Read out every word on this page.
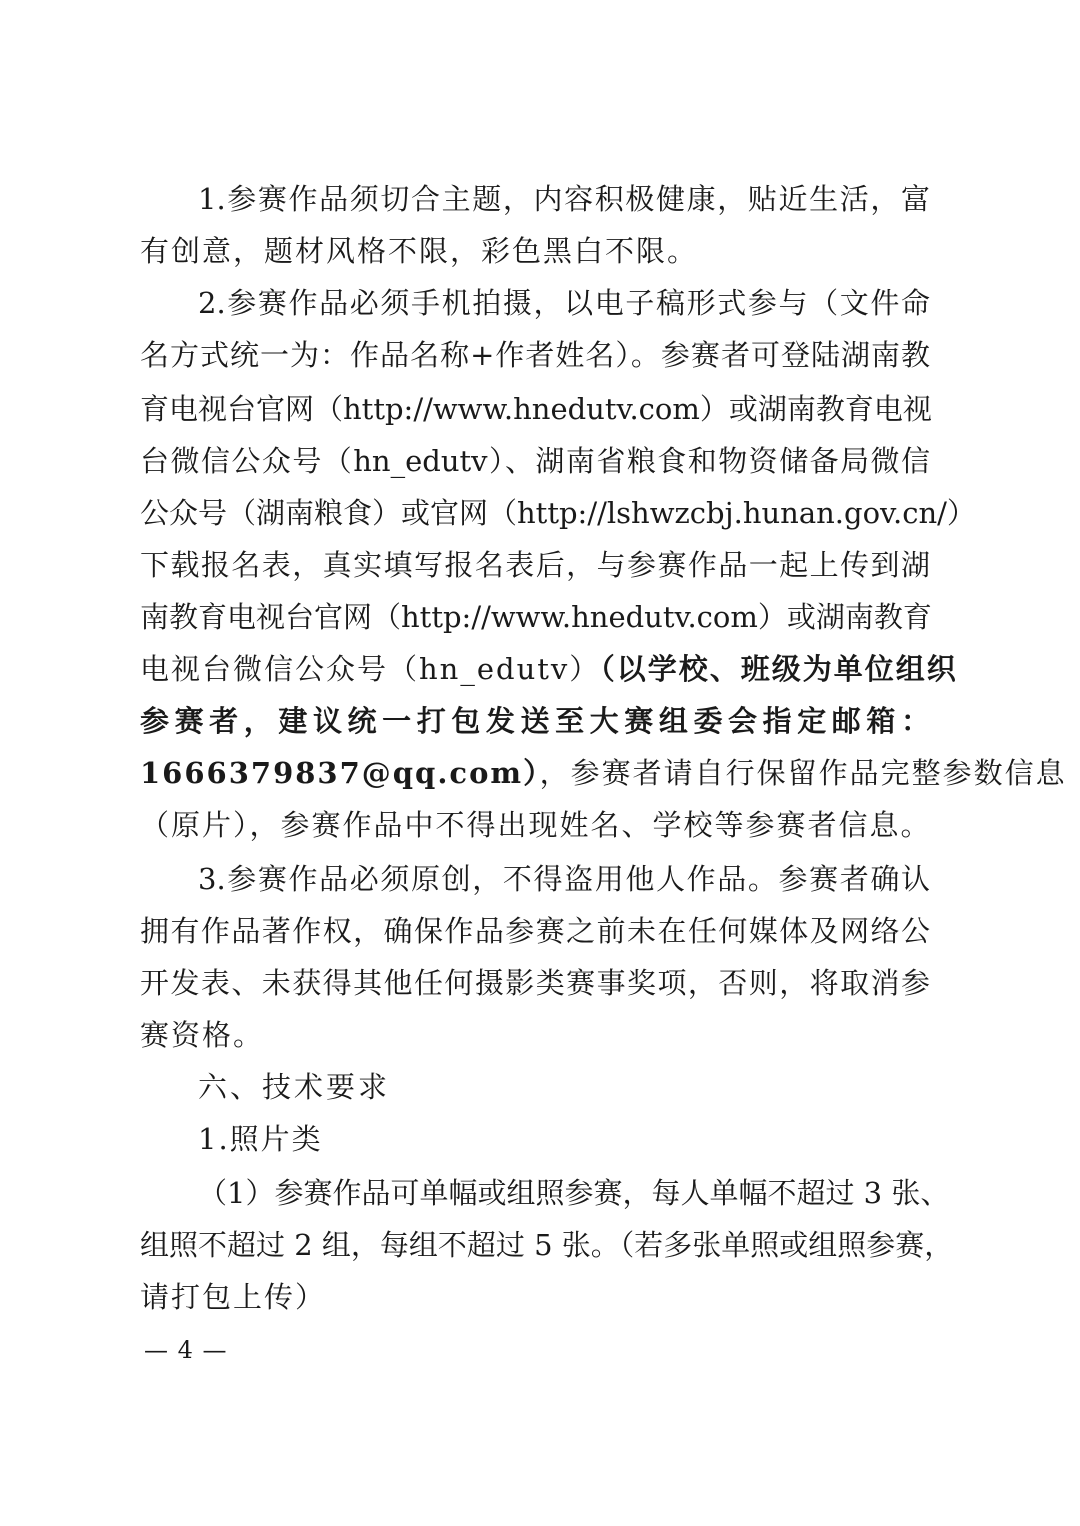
1.参赛作品须切合主题，内容积极健康，贴近生活，富
有创意，题材风格不限，彩色黑白不限。
2.参赛作品必须手机拍摄，以电子稿形式参与（文件命
名方式统一为：作品名称+作者姓名）。参赛者可登陆湖南教
育电视台官网（http://www.hnedutv.com）或湖南教育电视
台微信公众号（hn_edutv）、湖南省粮食和物资储备局微信
公众号（湖南粮食）或官网（http://lshwzcbj.hunan.gov.cn/）
下载报名表，真实填写报名表后，与参赛作品一起上传到湖
南教育电视台官网（http://www.hnedutv.com）或湖南教育
电视台微信公众号（hn_edutv）（以学校、班级为单位组织
参赛者，建议统一打包发送至大赛组委会指定邮箱：
1666379837@qq.com），参赛者请自行保留作品完整参数信息
（原片），参赛作品中不得出现姓名、学校等参赛者信息。
3.参赛作品必须原创，不得盗用他人作品。参赛者确认
拥有作品著作权，确保作品参赛之前未在任何媒体及网络公
开发表、未获得其他任何摄影类赛事奖项，否则，将取消参
赛资格。
六、技术要求
1.照片类
（1）参赛作品可单幅或组照参赛，每人单幅不超过 3 张、
组照不超过 2 组，每组不超过 5 张。（若多张单照或组照参赛，
请打包上传）
— 4 —
